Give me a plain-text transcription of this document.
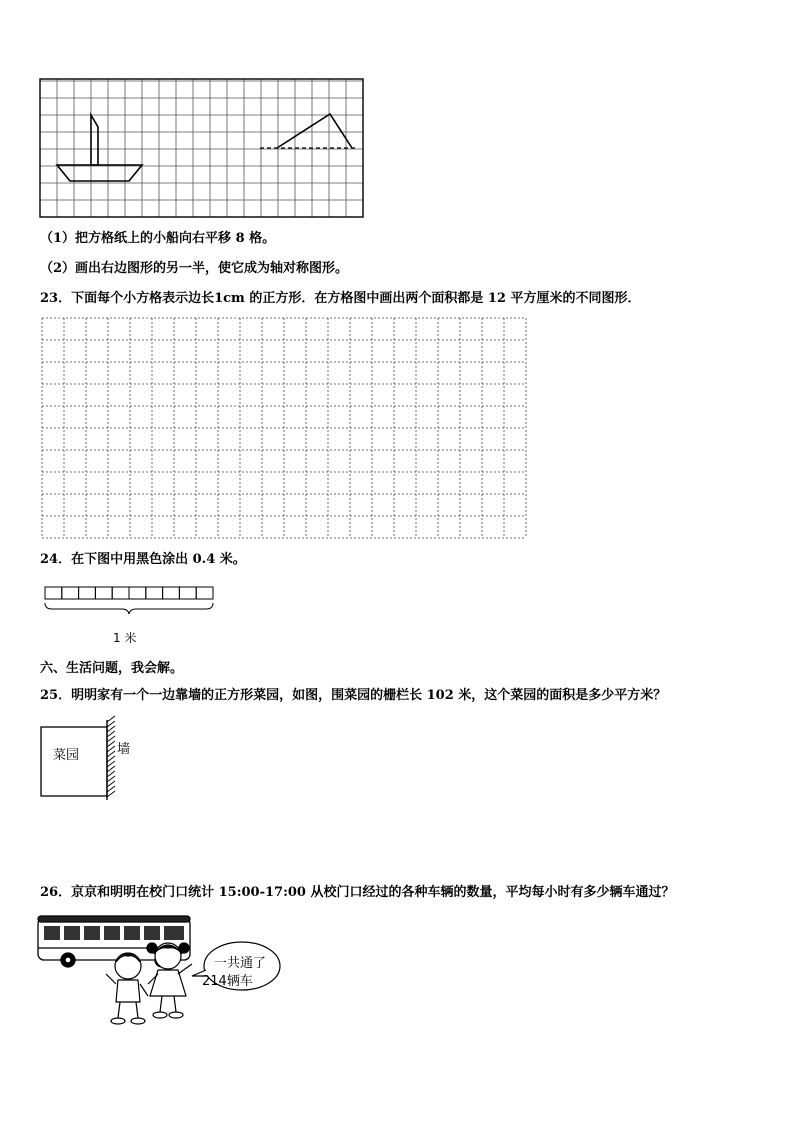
（1）把方格纸上的小船向右平移 8 格。
（2）画出右边图形的另一半，使它成为轴对称图形。
23．下面每个小方格表示边长1cm 的正方形．在方格图中画出两个面积都是 12 平方厘米的不同图形．
24．在下图中用黑色涂出 0.4 米。
1 米
六、生活问题，我会解。
25．明明家有一个一边靠墙的正方形菜园，如图，围菜园的栅栏长 102 米，这个菜园的面积是多少平方米？
菜园	墙
26．京京和明明在校门口统计 15:00-17:00 从校门口经过的各种车辆的数量，平均每小时有多少辆车通过？
一共通了
214辆车
